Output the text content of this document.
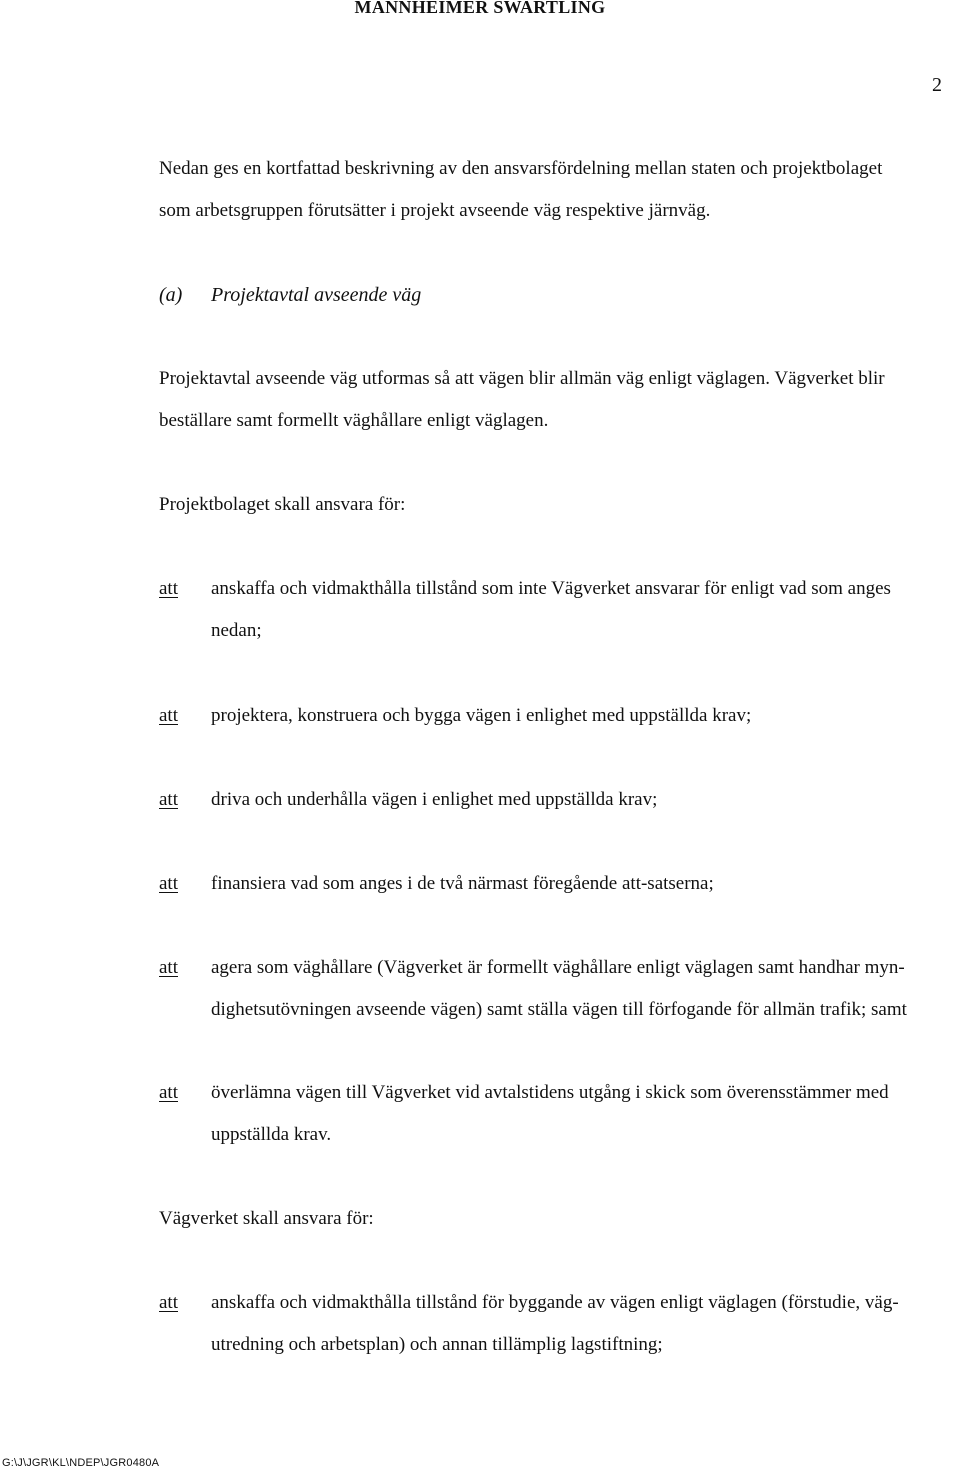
MANNHEIMER SWARTLING
2
Nedan ges en kortfattad beskrivning av den ansvarsfördelning mellan staten och projektbolaget
som arbetsgruppen förutsätter i projekt avseende väg respektive järnväg.
(a) Projektavtal avseende väg
Projektavtal avseende väg utformas så att vägen blir allmän väg enligt väglagen. Vägverket blir
beställare samt formellt väghållare enligt väglagen.
Projektbolaget skall ansvara för:
att anskaffa och vidmakthålla tillstånd som inte Vägverket ansvarar för enligt vad som anges
nedan;
att projektera, konstruera och bygga vägen i enlighet med uppställda krav;
att driva och underhålla vägen i enlighet med uppställda krav;
att finansiera vad som anges i de två närmast föregående att-satserna;
att agera som väghållare (Vägverket är formellt väghållare enligt väglagen samt handhar myn-
dighetsutövningen avseende vägen) samt ställa vägen till förfogande för allmän trafik; samt
att överlämna vägen till Vägverket vid avtalstidens utgång i skick som överensstämmer med
uppställda krav.
Vägverket skall ansvara för:
att anskaffa och vidmakthålla tillstånd för byggande av vägen enligt väglagen (förstudie, väg-
utredning och arbetsplan) och annan tillämplig lagstiftning;
G:\J\JGR\KL\NDEP\JGR0480A
